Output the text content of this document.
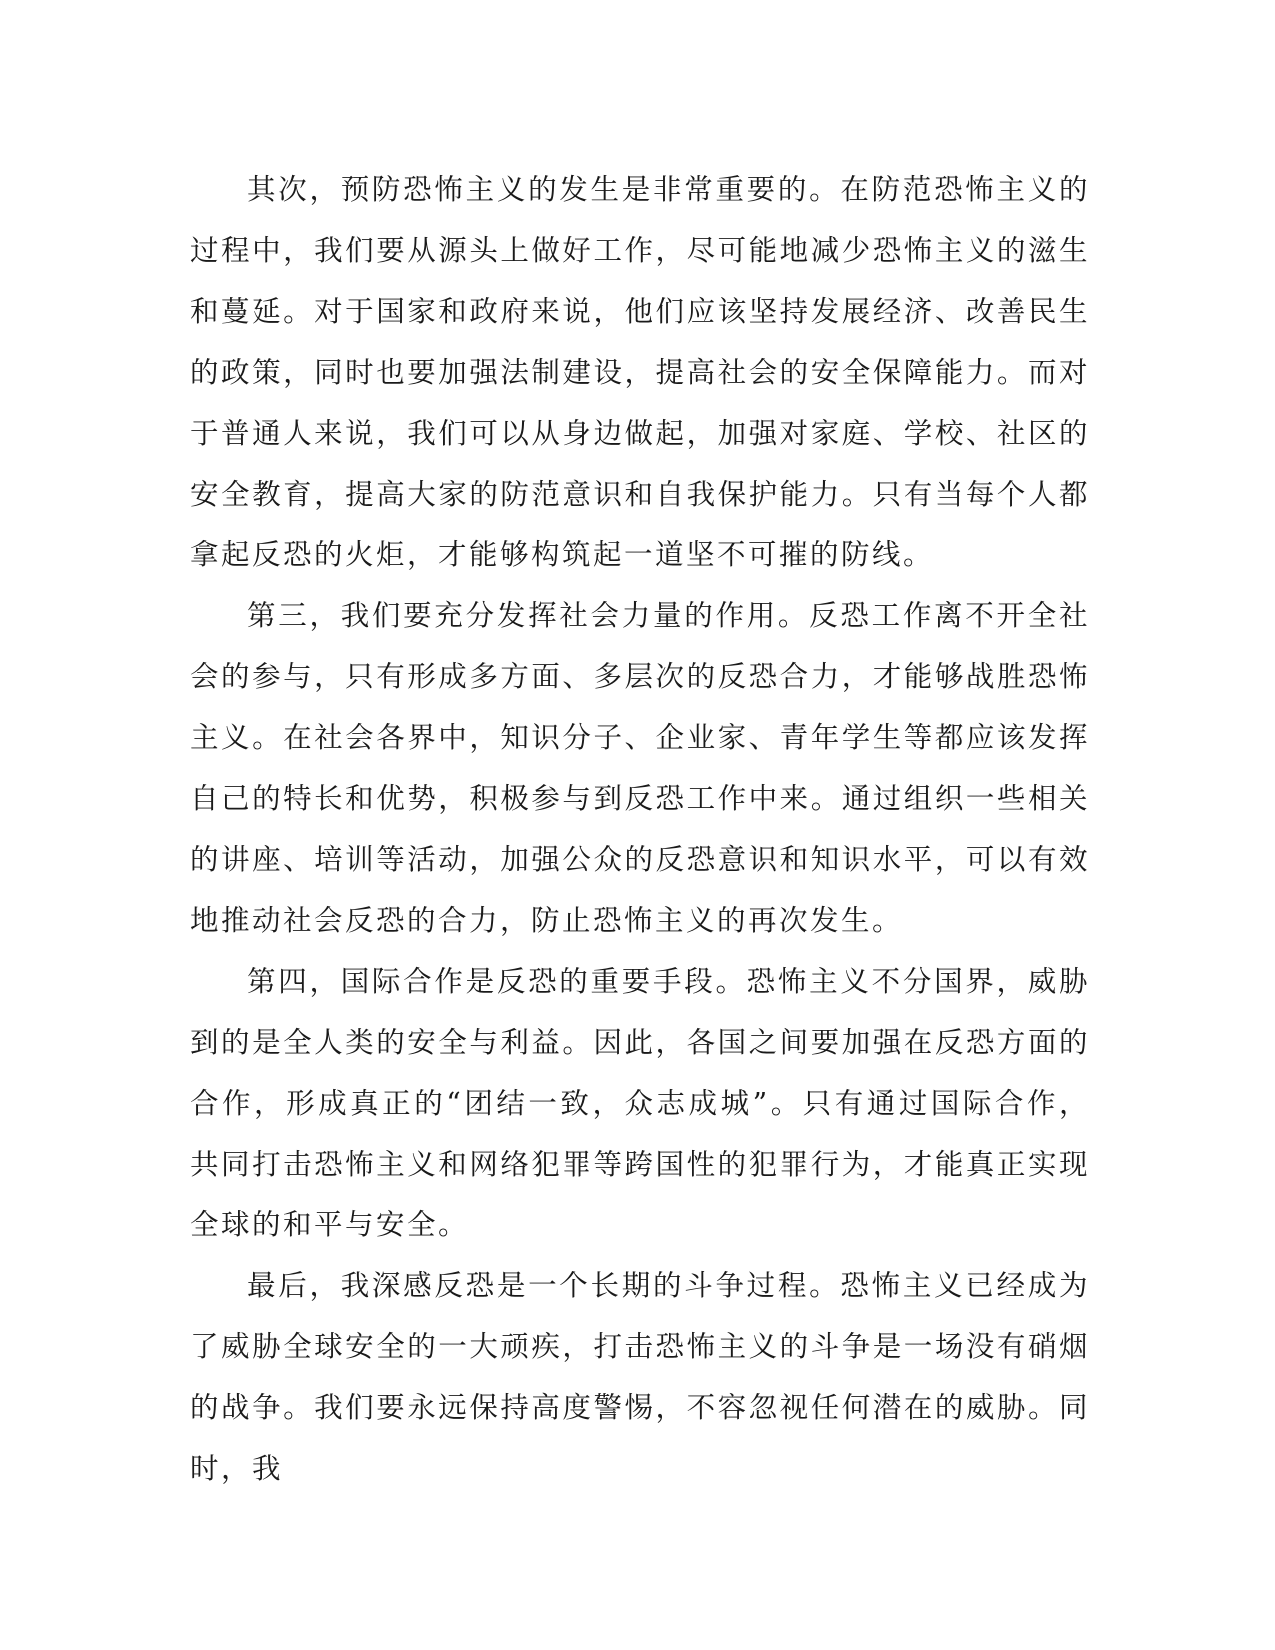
其次，预防恐怖主义的发生是非常重要的。在防范恐怖主义的过程中，我们要从源头上做好工作，尽可能地减少恐怖主义的滋生和蔓延。对于国家和政府来说，他们应该坚持发展经济、改善民生的政策，同时也要加强法制建设，提高社会的安全保障能力。而对于普通人来说，我们可以从身边做起，加强对家庭、学校、社区的安全教育，提高大家的防范意识和自我保护能力。只有当每个人都拿起反恐的火炬，才能够构筑起一道坚不可摧的防线。

第三，我们要充分发挥社会力量的作用。反恐工作离不开全社会的参与，只有形成多方面、多层次的反恐合力，才能够战胜恐怖主义。在社会各界中，知识分子、企业家、青年学生等都应该发挥自己的特长和优势，积极参与到反恐工作中来。通过组织一些相关的讲座、培训等活动，加强公众的反恐意识和知识水平，可以有效地推动社会反恐的合力，防止恐怖主义的再次发生。

第四，国际合作是反恐的重要手段。恐怖主义不分国界，威胁到的是全人类的安全与利益。因此，各国之间要加强在反恐方面的合作，形成真正的“团结一致，众志成城”。只有通过国际合作，共同打击恐怖主义和网络犯罪等跨国性的犯罪行为，才能真正实现全球的和平与安全。

最后，我深感反恐是一个长期的斗争过程。恐怖主义已经成为了威胁全球安全的一大顽疾，打击恐怖主义的斗争是一场没有硝烟的战争。我们要永远保持高度警惕，不容忽视任何潜在的威胁。同时，我
